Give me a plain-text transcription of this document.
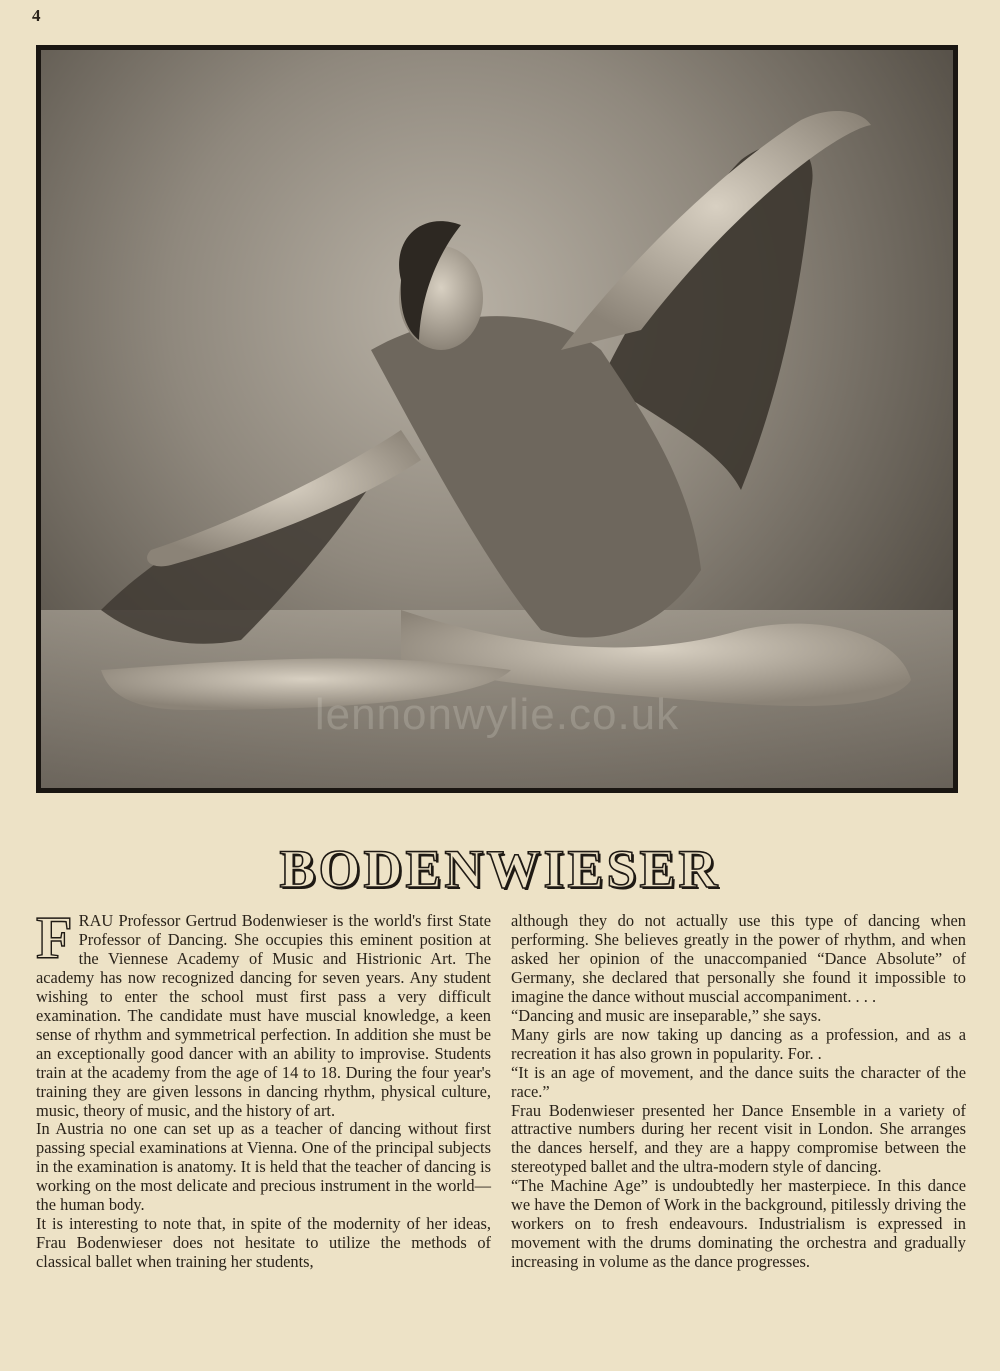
4
lennonwylie.co.uk
BODENWIESER

FRAU Professor Gertrud Bodenwieser is the world's first State Professor of Dancing. She occupies this eminent position at the Viennese Academy of Music and Histrionic Art. The academy has now recognized dancing for seven years. Any student wishing to enter the school must first pass a very difficult examination. The candidate must have muscial knowledge, a keen sense of rhythm and symmetrical perfection. In addition she must be an exceptionally good dancer with an ability to improvise. Students train at the academy from the age of 14 to 18. During the four year's training they are given lessons in dancing rhythm, physical culture, music, theory of music, and the history of art.

In Austria no one can set up as a teacher of dancing without first passing special examinations at Vienna. One of the principal subjects in the examination is anatomy. It is held that the teacher of dancing is working on the most delicate and precious instrument in the world—the human body.

It is interesting to note that, in spite of the modernity of her ideas, Frau Bodenwieser does not hesitate to utilize the methods of classical ballet when training her students,

although they do not actually use this type of dancing when performing. She believes greatly in the power of rhythm, and when asked her opinion of the unaccompanied “Dance Absolute” of Germany, she declared that personally she found it impossible to imagine the dance without muscial accompaniment. . . .

“Dancing and music are inseparable,” she says.

Many girls are now taking up dancing as a profession, and as a recreation it has also grown in popularity. For. .

“It is an age of movement, and the dance suits the character of the race.”

Frau Bodenwieser presented her Dance Ensemble in a variety of attractive numbers during her recent visit in London. She arranges the dances herself, and they are a happy compromise between the stereotyped ballet and the ultra-modern style of dancing.

“The Machine Age” is undoubtedly her masterpiece. In this dance we have the Demon of Work in the background, pitilessly driving the workers on to fresh endeavours. Industrialism is expressed in movement with the drums dominating the orchestra and gradually increasing in volume as the dance progresses.
